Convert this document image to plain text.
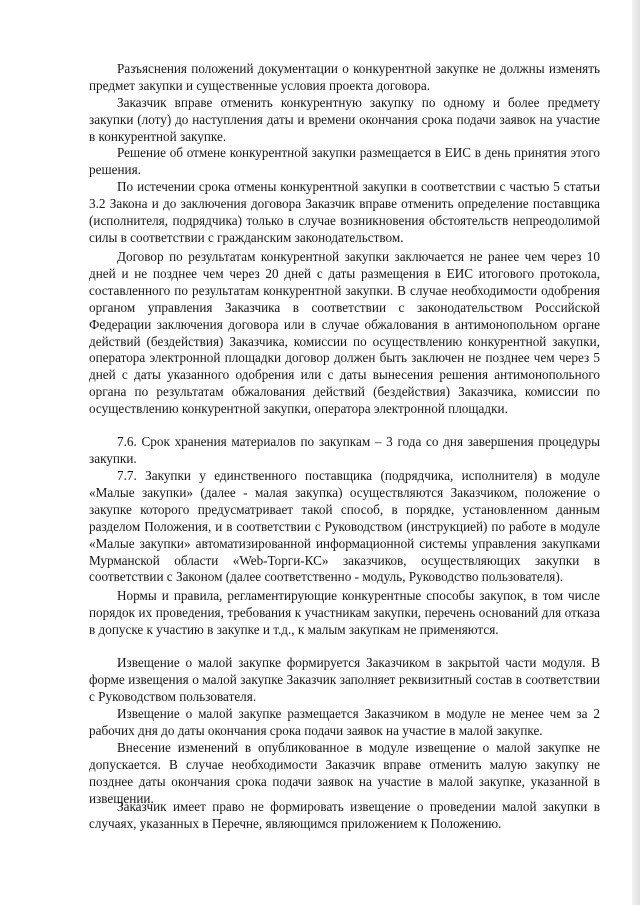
Разъяснения положений документации о конкурентной закупке не должны изменять предмет закупки и существенные условия проекта договора.

Заказчик вправе отменить конкурентную закупку по одному и более предмету закупки (лоту) до наступления даты и времени окончания срока подачи заявок на участие в конкурентной закупке.

Решение об отмене конкурентной закупки размещается в ЕИС в день принятия этого решения.

По истечении срока отмены конкурентной закупки в соответствии с частью 5 статьи 3.2 Закона и до заключения договора Заказчик вправе отменить определение поставщика (исполнителя, подрядчика) только в случае возникновения обстоятельств непреодолимой силы в соответствии с гражданским законодательством.

Договор по результатам конкурентной закупки заключается не ранее чем через 10 дней и не позднее чем через 20 дней с даты размещения в ЕИС итогового протокола, составленного по результатам конкурентной закупки. В случае необходимости одобрения органом управления Заказчика в соответствии с законодательством Российской Федерации заключения договора или в случае обжалования в антимонопольном органе действий (бездействия) Заказчика, комиссии по осуществлению конкурентной закупки, оператора электронной площадки договор должен быть заключен не позднее чем через 5 дней с даты указанного одобрения или с даты вынесения решения антимонопольного органа по результатам обжалования действий (бездействия) Заказчика, комиссии по осуществлению конкурентной закупки, оператора электронной площадки.

7.6. Срок хранения материалов по закупкам – 3 года со дня завершения процедуры закупки.

7.7. Закупки у единственного поставщика (подрядчика, исполнителя) в модуле «Малые закупки» (далее - малая закупка) осуществляются Заказчиком, положение о закупке которого предусматривает такой способ, в порядке, установленном данным разделом Положения, и в соответствии с Руководством (инструкцией) по работе в модуле «Малые закупки» автоматизированной информационной системы управления закупками Мурманской области «Web-Торги-КС» заказчиков, осуществляющих закупки в соответствии с Законом (далее соответственно - модуль, Руководство пользователя).

Нормы и правила, регламентирующие конкурентные способы закупок, в том числе порядок их проведения, требования к участникам закупки, перечень оснований для отказа в допуске к участию в закупке и т.д., к малым закупкам не применяются.

Извещение о малой закупке формируется Заказчиком в закрытой части модуля. В форме извещения о малой закупке Заказчик заполняет реквизитный состав в соответствии с Руководством пользователя.

Извещение о малой закупке размещается Заказчиком в модуле не менее чем за 2 рабочих дня до даты окончания срока подачи заявок на участие в малой закупке.

Внесение изменений в опубликованное в модуле извещение о малой закупке не допускается. В случае необходимости Заказчик вправе отменить малую закупку не позднее даты окончания срока подачи заявок на участие в малой закупке, указанной в извещении.

Заказчик имеет право не формировать извещение о проведении малой закупки в случаях, указанных в Перечне, являющимся приложением к Положению.
